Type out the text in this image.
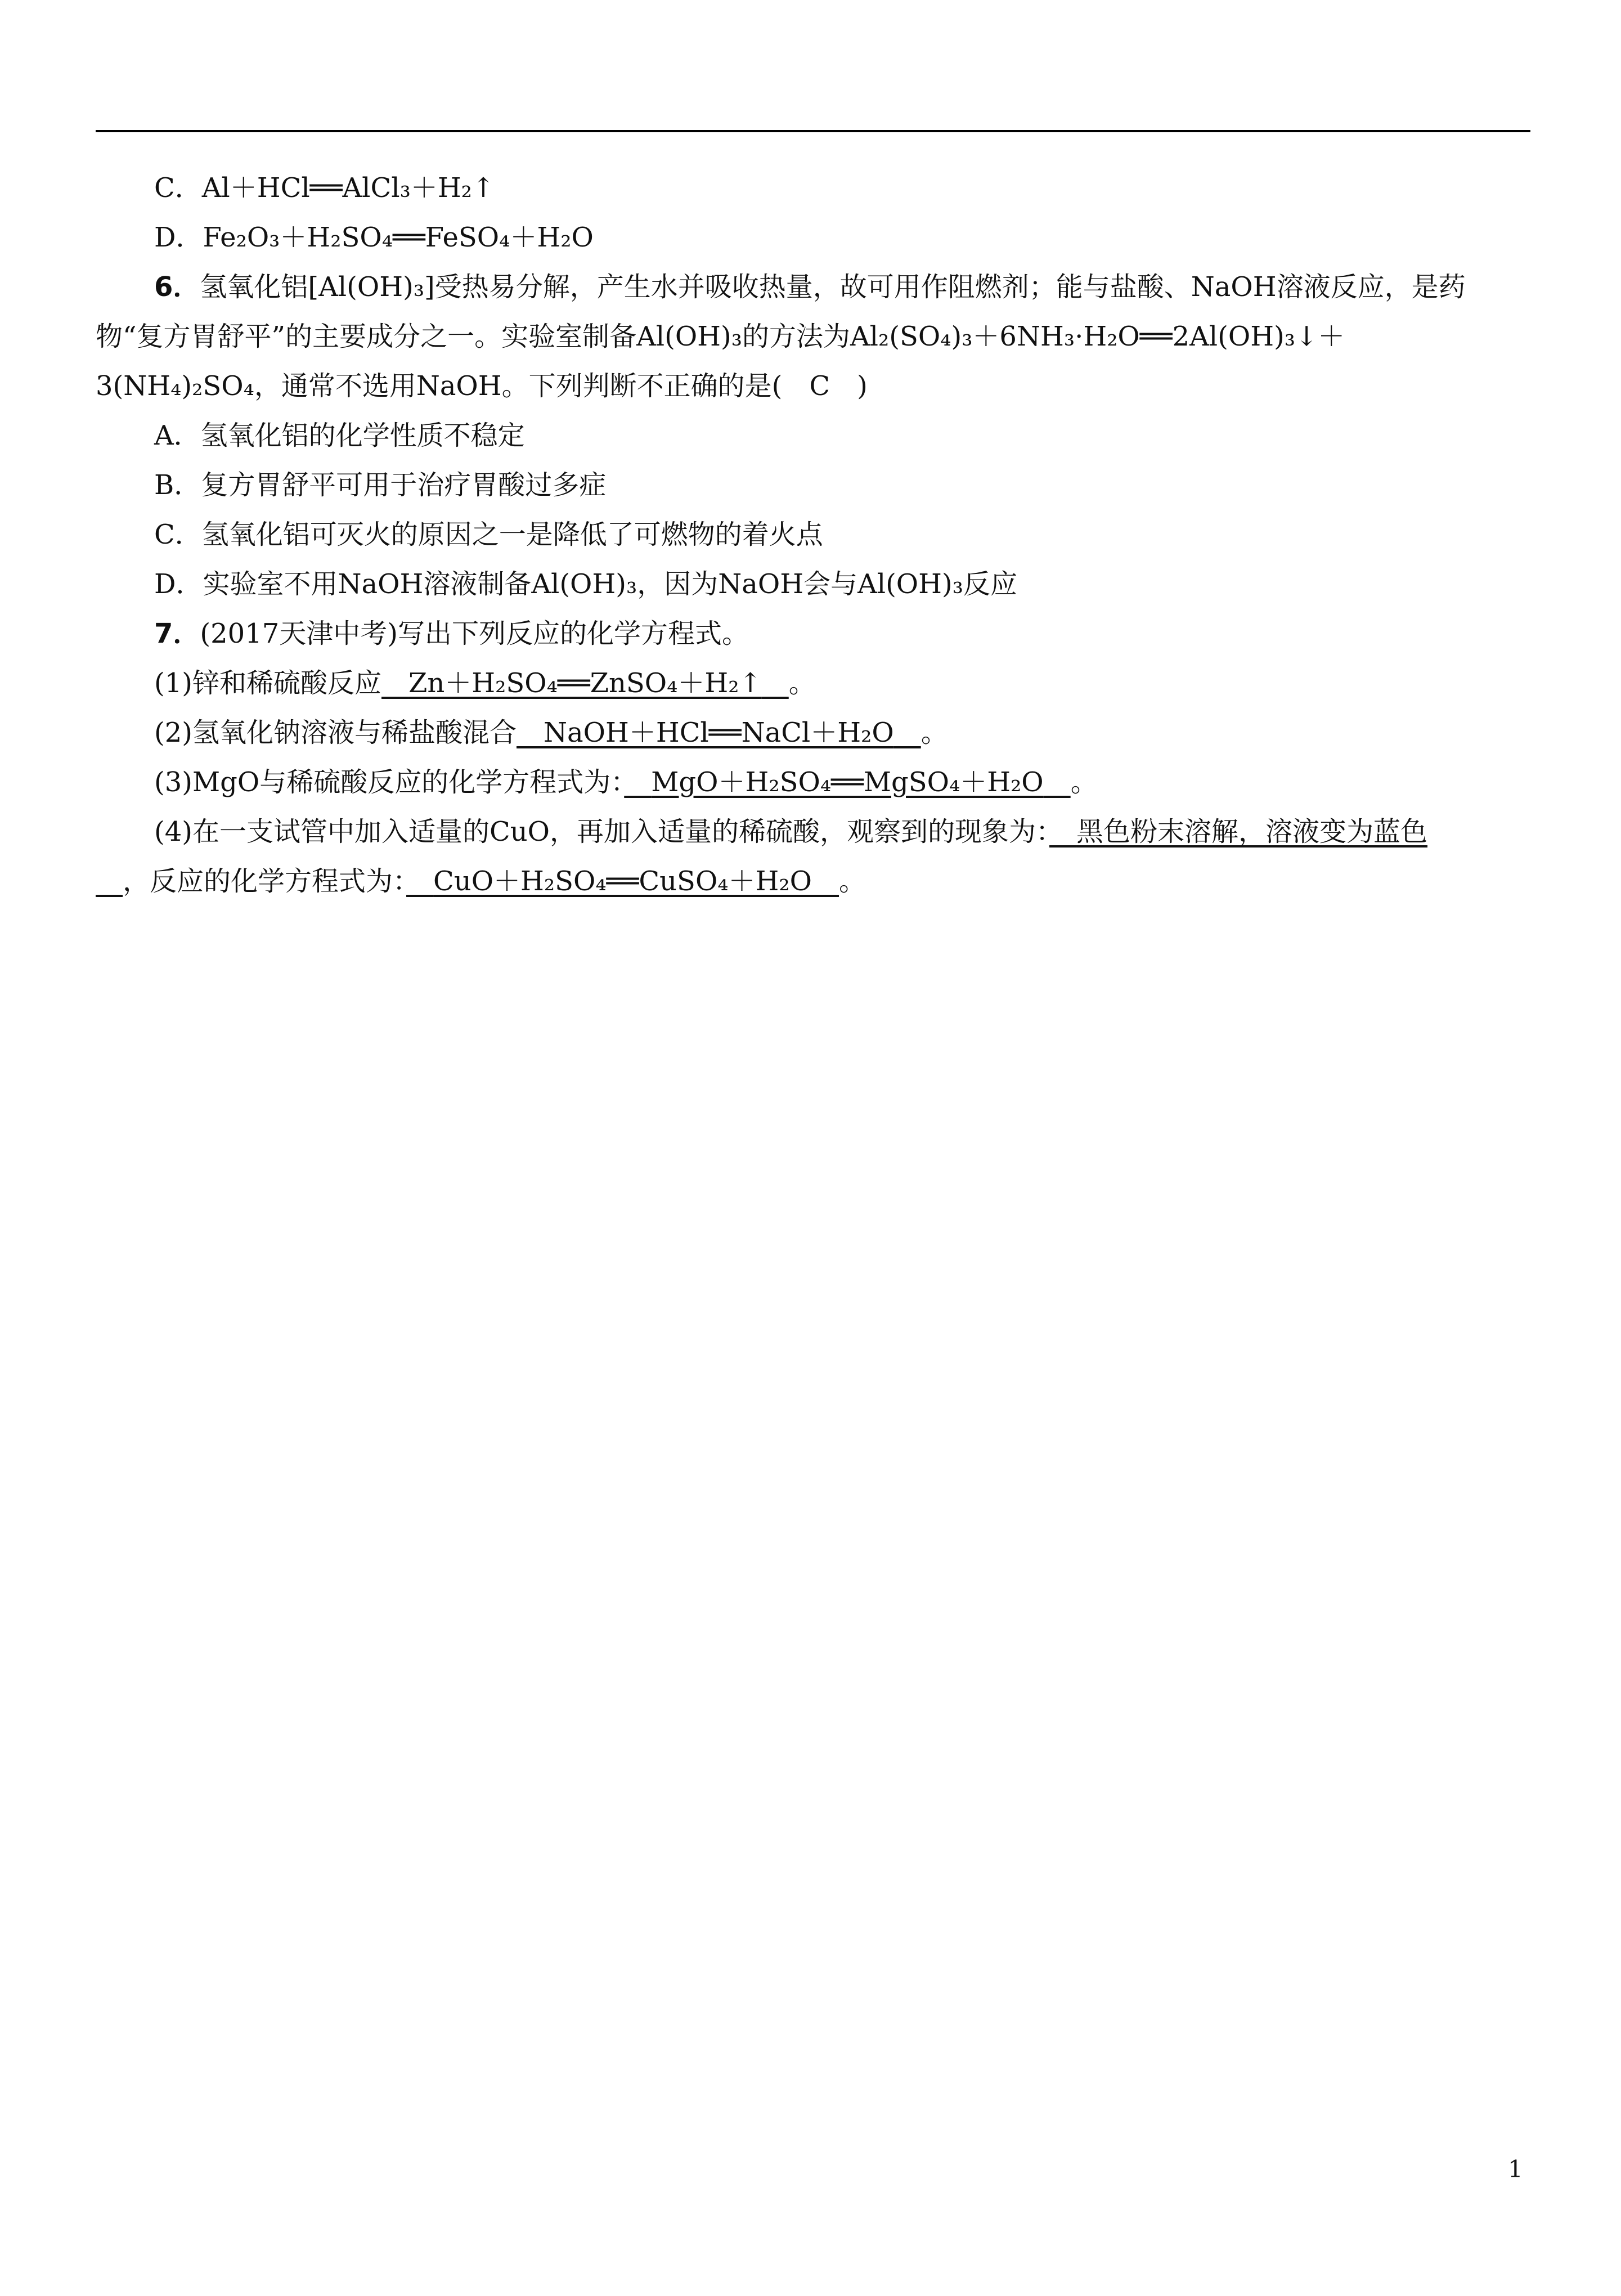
C．Al＋HCl══AlCl₃＋H₂↑
D．Fe₂O₃＋H₂SO₄══FeSO₄＋H₂O
6．氢氧化铝[Al(OH)₃]受热易分解，产生水并吸收热量，故可用作阻燃剂；能与盐酸、NaOH溶液反应，是药
物“复方胃舒平”的主要成分之一。实验室制备Al(OH)₃的方法为Al₂(SO₄)₃＋6NH₃·H₂O══2Al(OH)₃↓＋
3(NH₄)₂SO₄，通常不选用NaOH。下列判断不正确的是(　C　)
A．氢氧化铝的化学性质不稳定
B．复方胃舒平可用于治疗胃酸过多症
C．氢氧化铝可灭火的原因之一是降低了可燃物的着火点
D．实验室不用NaOH溶液制备Al(OH)₃，因为NaOH会与Al(OH)₃反应
7．(2017天津中考)写出下列反应的化学方程式。
(1)锌和稀硫酸反应　 Zn＋H₂SO₄══ZnSO₄＋H₂↑　 。
(2)氢氧化钠溶液与稀盐酸混合　 NaOH＋HCl══NaCl＋H₂O　 。
(3)MgO与稀硫酸反应的化学方程式为：　 MgO＋H₂SO₄══MgSO₄＋H₂O　 。
(4)在一支试管中加入适量的CuO，再加入适量的稀硫酸，观察到的现象为：　 黑色粉末溶解，溶液变为蓝色
　，反应的化学方程式为：　 CuO＋H₂SO₄══CuSO₄＋H₂O　 。
1
